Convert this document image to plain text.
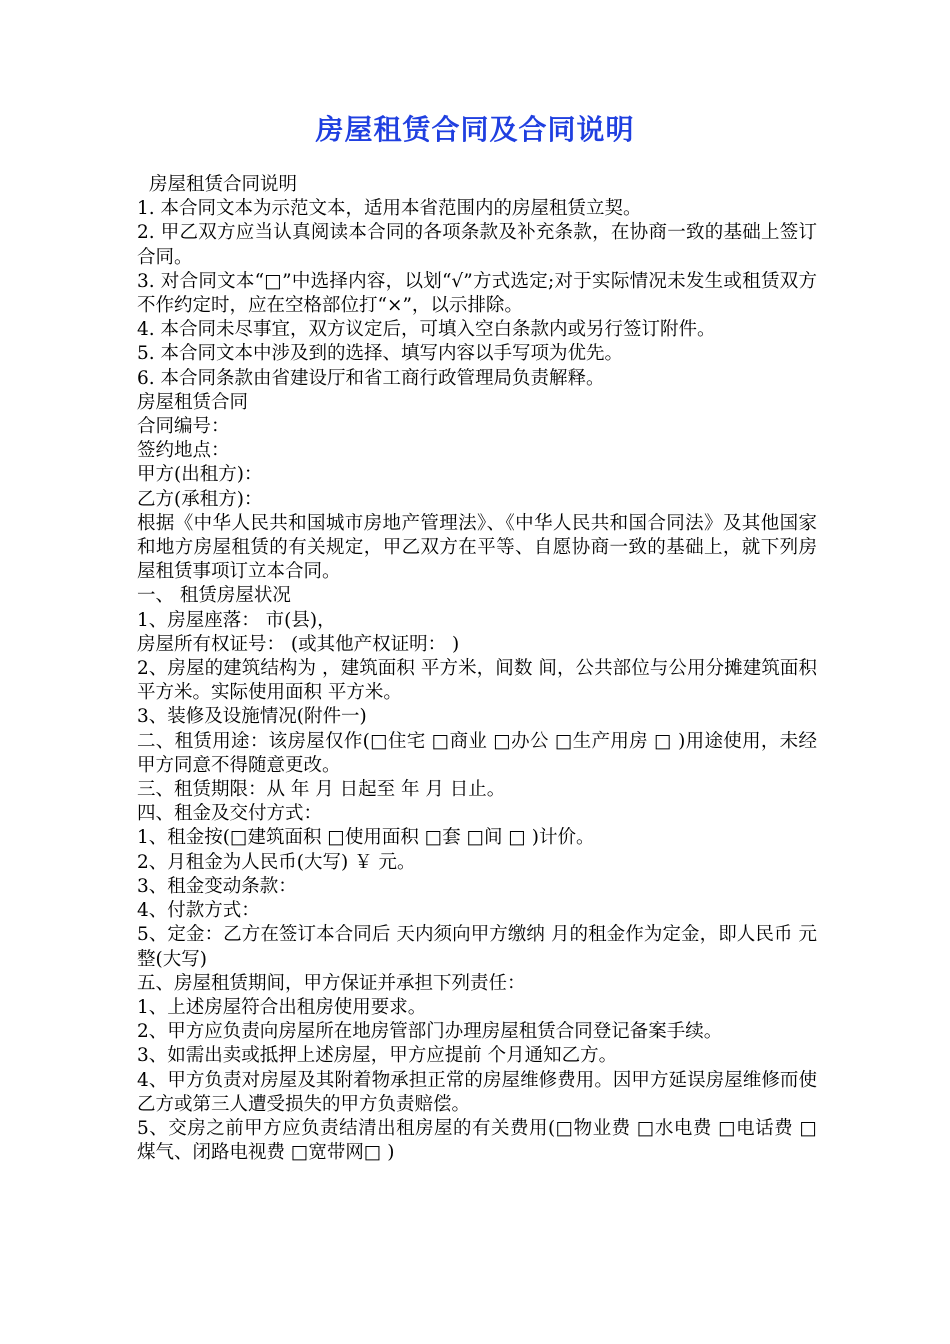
房屋租赁合同及合同说明
房屋租赁合同说明
1. 本合同文本为示范文本，适用本省范围内的房屋租赁立契。
2. 甲乙双方应当认真阅读本合同的各项条款及补充条款，在协商一致的基础上签订合同。
3. 对合同文本“□”中选择内容，以划“√”方式选定;对于实际情况未发生或租赁双方不作约定时，应在空格部位打“×”，以示排除。
4. 本合同未尽事宜，双方议定后，可填入空白条款内或另行签订附件。
5. 本合同文本中涉及到的选择、填写内容以手写项为优先。
6. 本合同条款由省建设厅和省工商行政管理局负责解释。
房屋租赁合同
合同编号：
签约地点：
甲方(出租方)：
乙方(承租方)：
根据《中华人民共和国城市房地产管理法》、《中华人民共和国合同法》及其他国家和地方房屋租赁的有关规定，甲乙双方在平等、自愿协商一致的基础上，就下列房屋租赁事项订立本合同。
一、 租赁房屋状况
1、房屋座落： 市(县)，
房屋所有权证号： (或其他产权证明： )
2、房屋的建筑结构为 ，建筑面积 平方米，间数 间，公共部位与公用分摊建筑面积 平方米。实际使用面积 平方米。
3、装修及设施情况(附件一)
二、租赁用途：该房屋仅作(□住宅 □商业 □办公 □生产用房 □ )用途使用，未经甲方同意不得随意更改。
三、租赁期限：从 年 月 日起至 年 月 日止。
四、租金及交付方式：
1、租金按(□建筑面积 □使用面积 □套 □间 □ )计价。
2、月租金为人民币(大写) ￥ 元。
3、租金变动条款：
4、付款方式：
5、定金：乙方在签订本合同后 天内须向甲方缴纳 月的租金作为定金，即人民币 元整(大写)
五、房屋租赁期间，甲方保证并承担下列责任：
1、上述房屋符合出租房使用要求。
2、甲方应负责向房屋所在地房管部门办理房屋租赁合同登记备案手续。
3、如需出卖或抵押上述房屋，甲方应提前 个月通知乙方。
4、甲方负责对房屋及其附着物承担正常的房屋维修费用。因甲方延误房屋维修而使乙方或第三人遭受损失的甲方负责赔偿。
5、交房之前甲方应负责结清出租房屋的有关费用(□物业费 □水电费 □电话费 □煤气、闭路电视费 □宽带网□ )
